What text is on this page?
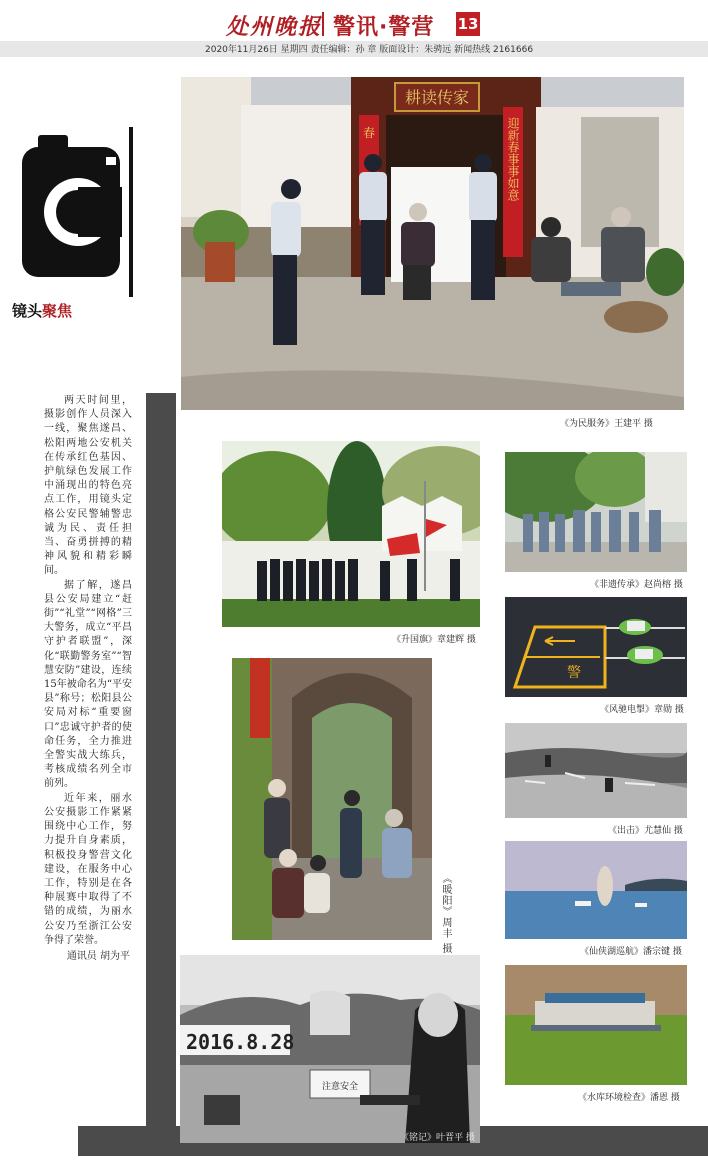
处州晚报 警讯·警营 13
2020年11月26日 星期四 责任编辑：孙 章 版面设计：朱骋远 新闻热线 2161666
镜头聚焦

两天时间里，摄影创作人员深入一线，聚焦遂昌、松阳两地公安机关在传承红色基因、护航绿色发展工作中涌现出的特色亮点工作，用镜头定格公安民警辅警忠诚为民、责任担当、奋勇拼搏的精神风貌和精彩瞬间。

据了解，遂昌县公安局建立“赶街”“礼堂”“网格”三大警务，成立“平昌守护者联盟”，深化“联勤警务室”“智慧安防”建设，连续15年被命名为“平安县”称号；松阳县公安局对标“重要窗口”忠诚守护者的使命任务，全力推进全警实战大练兵，考核成绩名列全市前列。

近年来，丽水公安摄影工作紧紧围绕中心工作，努力提升自身素质，积极投身警营文化建设，在服务中心工作，特别是在各种展赛中取得了不错的成绩，为丽水公安乃至浙江公安争得了荣誉。

通讯员 胡为平
耕读传家
春	迎新春事事如意
《为民服务》王建平 摄
《升国旗》章建辉 摄
《非遗传承》赵尚榕 摄
警
《风驰电掣》章勋 摄
《出击》尤慧仙 摄
《仙侠湖巡航》潘宗键 摄
《水库环境检查》潘恩 摄
《暖阳》周丰 摄
2016.8.28
注意安全
《铭记》叶晋平 摄
